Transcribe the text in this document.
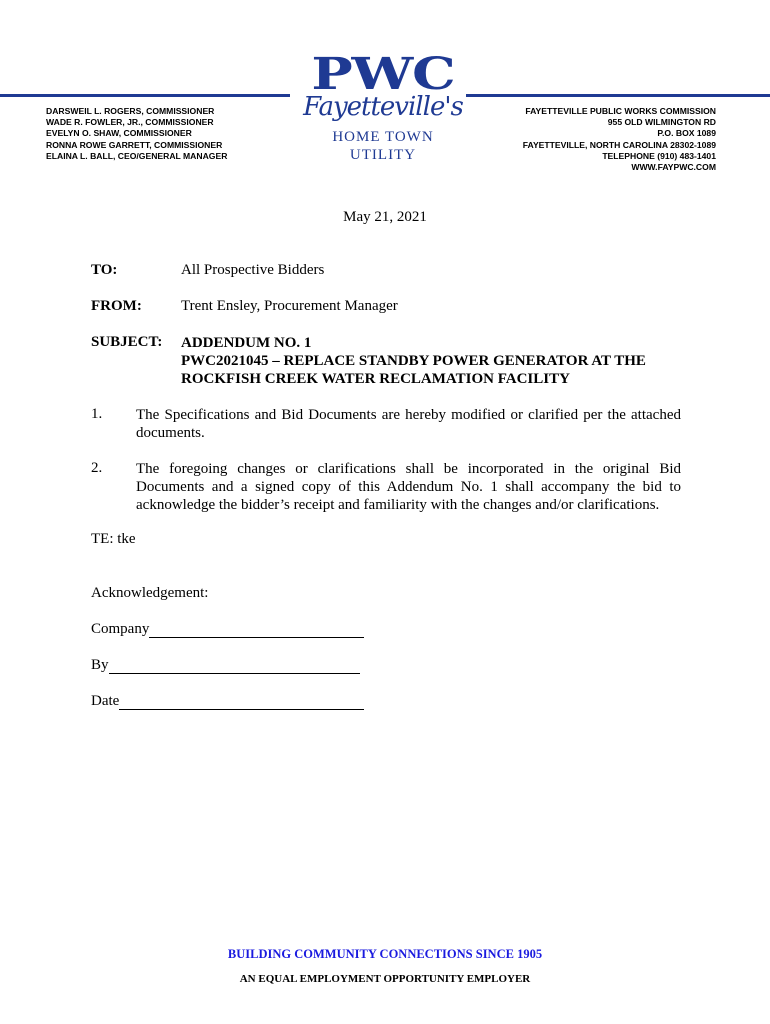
PWC
Fayetteville's
HOME TOWN UTILITY
DARSWEIL L. ROGERS, COMMISSIONER
WADE R. FOWLER, JR., COMMISSIONER
EVELYN O. SHAW, COMMISSIONER
RONNA ROWE GARRETT, COMMISSIONER
ELAINA L. BALL, CEO/GENERAL MANAGER
FAYETTEVILLE PUBLIC WORKS COMMISSION
955 OLD WILMINGTON RD
P.O. BOX 1089
FAYETTEVILLE, NORTH CAROLINA 28302-1089
TELEPHONE (910) 483-1401
WWW.FAYPWC.COM
May 21, 2021
TO:	All Prospective Bidders
FROM:	Trent Ensley, Procurement Manager
SUBJECT: ADDENDUM NO. 1
PWC2021045 – REPLACE STANDBY POWER GENERATOR AT THE
ROCKFISH CREEK WATER RECLAMATION FACILITY
1. The Specifications and Bid Documents are hereby modified or clarified per the attached documents.
2. The foregoing changes or clarifications shall be incorporated in the original Bid Documents and a signed copy of this Addendum No. 1 shall accompany the bid to acknowledge the bidder’s receipt and familiarity with the changes and/or clarifications.
TE: tke
Acknowledgement:
Company
By
Date
BUILDING COMMUNITY CONNECTIONS SINCE 1905
AN EQUAL EMPLOYMENT OPPORTUNITY EMPLOYER
